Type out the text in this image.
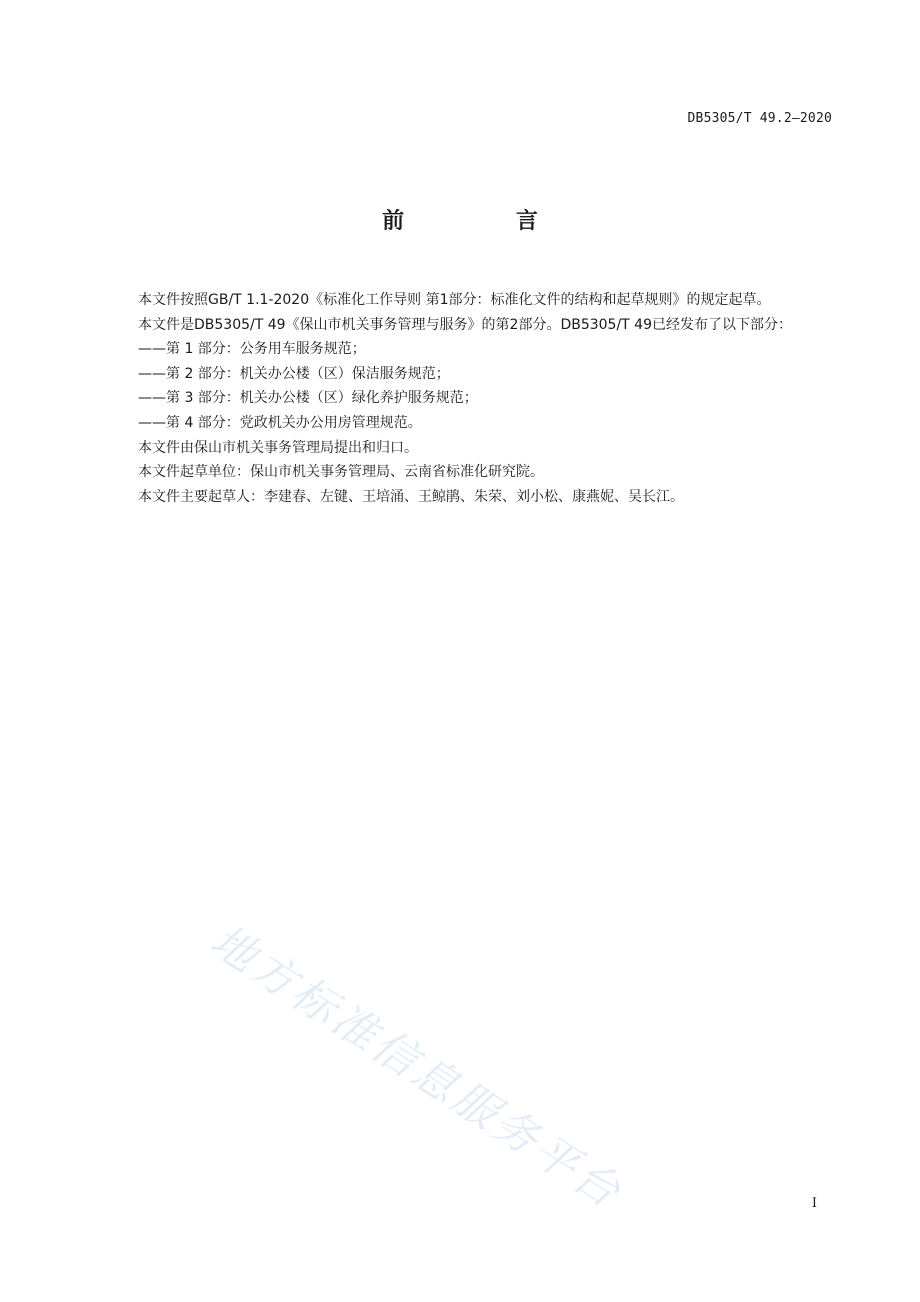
DB5305/T 49.2—2020
前 言

本文件按照GB/T 1.1-2020《标准化工作导则 第1部分：标准化文件的结构和起草规则》的规定起草。

本文件是DB5305/T 49《保山市机关事务管理与服务》的第2部分。DB5305/T 49已经发布了以下部分：

——第 1 部分：公务用车服务规范；

——第 2 部分：机关办公楼（区）保洁服务规范；

——第 3 部分：机关办公楼（区）绿化养护服务规范；

——第 4 部分：党政机关办公用房管理规范。

本文件由保山市机关事务管理局提出和归口。

本文件起草单位：保山市机关事务管理局、云南省标准化研究院。

本文件主要起草人：李建春、左键、王培涌、王鲸鹃、朱荣、刘小松、康燕妮、吴长江。

地方标准信息服务平台	I
